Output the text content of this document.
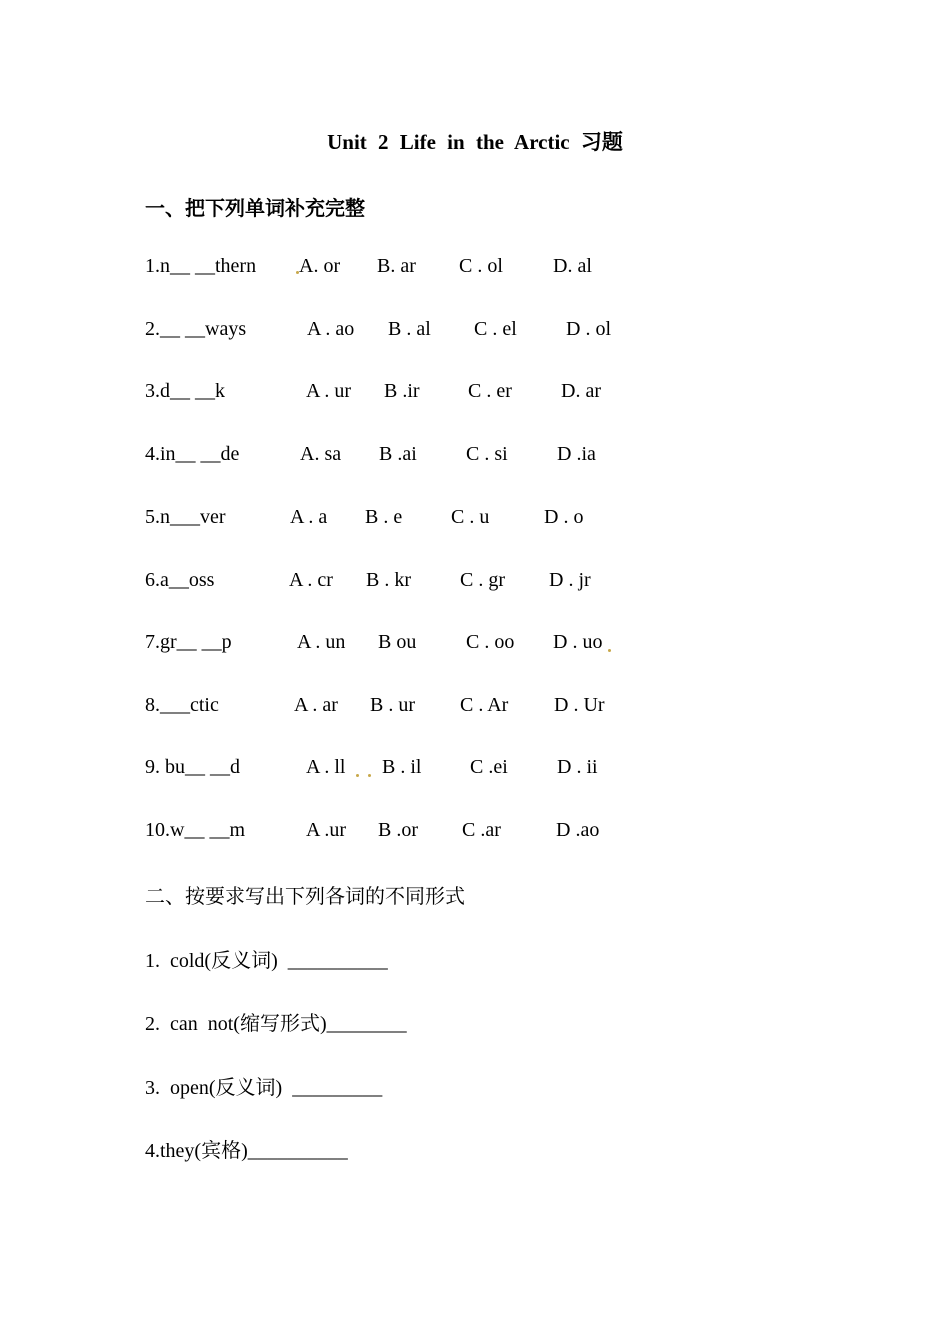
Unit 2 Life in the Arctic 习题
一、把下列单词补充完整
1.n__ __thern A. or B. ar C . ol	D. al
2.__ __ways	A . ao B . al C . el D . ol
3.d__ __k	A . ur B .ir C . er D. ar
4.in__ __de	A. sa B .ai C . si D .ia
5.n___ver	A . a B . e C . u	D . o
6.a__oss	A . cr B . kr C . gr D . jr
7.gr__ __p	A . un B ou C . oo D . uo
8.___ctic	A . ar B . ur C . Ar D . Ur
9. bu__ __d	A . ll B . il C .ei D . ii
10.w__ __m	A .ur B .or C .ar	D .ao
二、按要求写出下列各词的不同形式
1.  cold(反义词)  __________
2.  can  not(缩写形式)________
3.  open(反义词)  _________
4.they(宾格)__________
